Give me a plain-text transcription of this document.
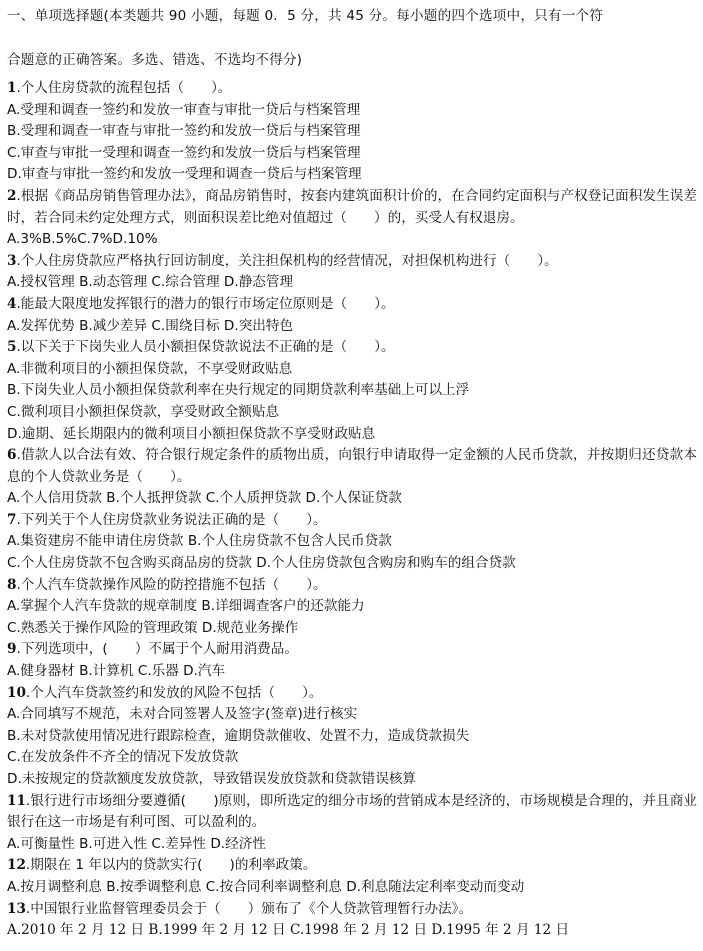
一、单项选择题(本类题共 90 小题，每题 0．5 分，共 45 分。每小题的四个选项中，只有一个符

合题意的正确答案。多选、错选、不选均不得分)

1.个人住房贷款的流程包括（　　）。

A.受理和调查一签约和发放一审查与审批一贷后与档案管理

B.受理和调查一审查与审批一签约和发放一贷后与档案管理

C.审查与审批一受理和调查一签约和发放一贷后与档案管理

D.审查与审批一签约和发放一受理和调查一贷后与档案管理

2.根据《商品房销售管理办法》，商品房销售时，按套内建筑面积计价的，在合同约定面积与产权登记面积发生误差时，若合同未约定处理方式，则面积误差比绝对值超过（　　）的，买受人有权退房。

A.3%B.5%C.7%D.10%

3.个人住房贷款应严格执行回访制度，关注担保机构的经营情况，对担保机构进行（　　）。

A.授权管理 B.动态管理 C.综合管理 D.静态管理

4.能最大限度地发挥银行的潜力的银行市场定位原则是（　　）。

A.发挥优势 B.减少差异 C.围绕目标 D.突出特色

5.以下关于下岗失业人员小额担保贷款说法不正确的是（　　）。

A.非微利项目的小额担保贷款，不享受财政贴息

B.下岗失业人员小额担保贷款利率在央行规定的同期贷款利率基础上可以上浮

C.微利项目小额担保贷款，享受财政全额贴息

D.逾期、延长期限内的微利项目小额担保贷款不享受财政贴息

6.借款人以合法有效、符合银行规定条件的质物出质，向银行申请取得一定金额的人民币贷款，并按期归还贷款本息的个人贷款业务是（　　）。

A.个人信用贷款 B.个人抵押贷款 C.个人质押贷款 D.个人保证贷款

7.下列关于个人住房贷款业务说法正确的是（　　）。

A.集资建房不能申请住房贷款 B.个人住房贷款不包含人民币贷款

C.个人住房贷款不包含购买商品房的贷款 D.个人住房贷款包含购房和购车的组合贷款

8.个人汽车贷款操作风险的防控措施不包括（　　）。

A.掌握个人汽车贷款的规章制度 B.详细调查客户的还款能力

C.熟悉关于操作风险的管理政策 D.规范业务操作

9.下列选项中，(　　）不属于个人耐用消费品。

A.健身器材 B.计算机 C.乐器 D.汽车

10.个人汽车贷款签约和发放的风险不包括（　　）。

A.合同填写不规范，未对合同签署人及签字(签章)进行核实

B.未对贷款使用情况进行跟踪检查，逾期贷款催收、处置不力，造成贷款损失

C.在发放条件不齐全的情况下发放贷款

D.未按规定的贷款额度发放贷款，导致错误发放贷款和贷款错误核算

11.银行进行市场细分要遵循(　　)原则，即所选定的细分市场的营销成本是经济的，市场规模是合理的，并且商业银行在这一市场是有利可图、可以盈利的。

A.可衡量性 B.可进入性 C.差异性 D.经济性

12.期限在 1 年以内的贷款实行(　　)的利率政策。

A.按月调整利息 B.按季调整利息 C.按合同利率调整利息 D.利息随法定利率变动而变动

13.中国银行业监督管理委员会于（　　）颁布了《个人贷款管理暂行办法》。

A.2010 年 2 月 12 日 B.1999 年 2 月 12 日 C.1998 年 2 月 12 日 D.1995 年 2 月 12 日
